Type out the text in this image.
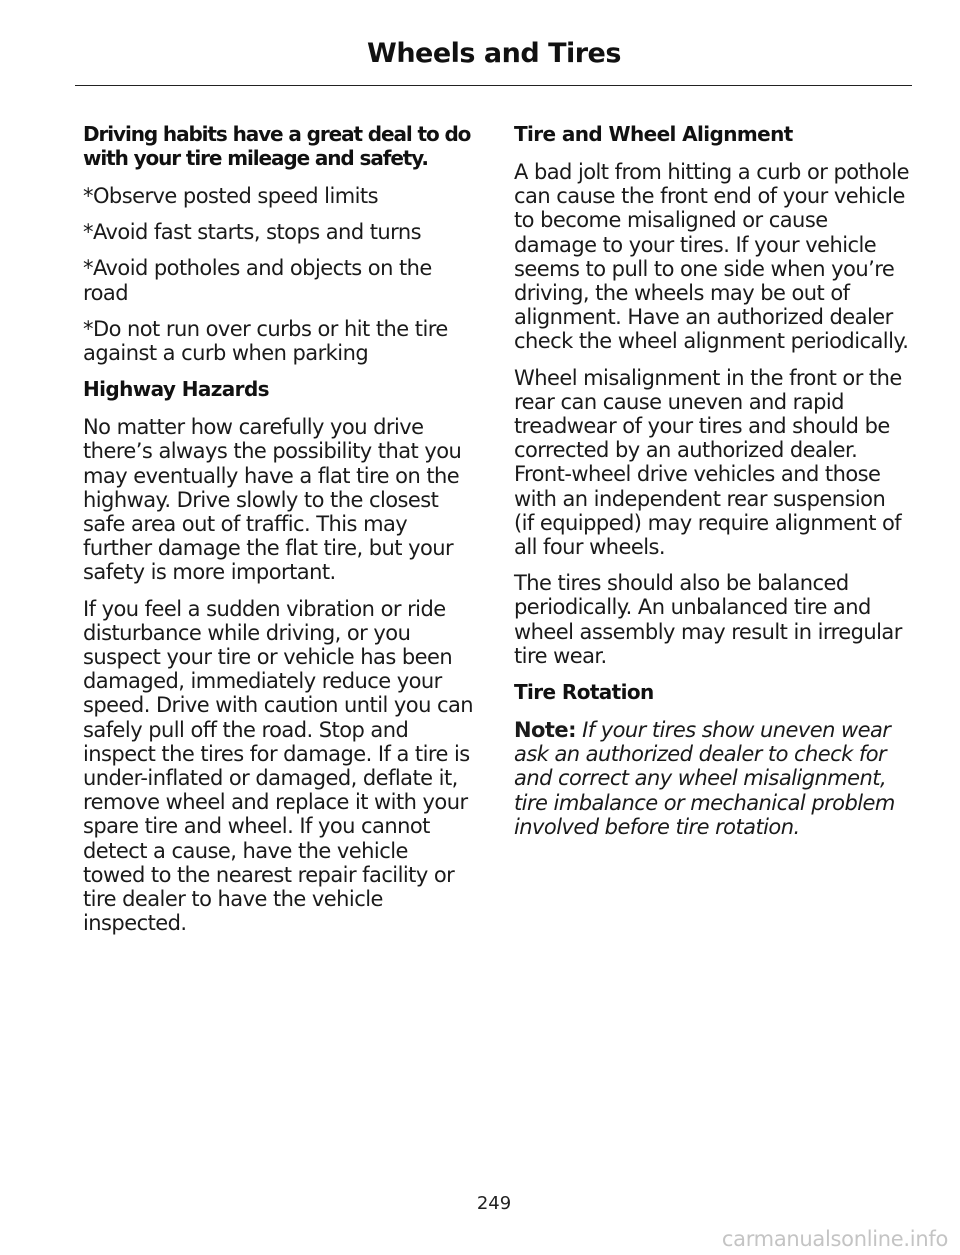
Wheels and Tires
Driving habits have a great deal to do with your tire mileage and safety.

*Observe posted speed limits

*Avoid fast starts, stops and turns

*Avoid potholes and objects on the road

*Do not run over curbs or hit the tire against a curb when parking

Highway Hazards

No matter how carefully you drive there’s always the possibility that you may eventually have a flat tire on the highway. Drive slowly to the closest safe area out of traffic. This may further damage the flat tire, but your safety is more important.

If you feel a sudden vibration or ride disturbance while driving, or you suspect your tire or vehicle has been damaged, immediately reduce your speed. Drive with caution until you can safely pull off the road. Stop and inspect the tires for damage. If a tire is under-inflated or damaged, deflate it, remove wheel and replace it with your spare tire and wheel. If you cannot detect a cause, have the vehicle towed to the nearest repair facility or tire dealer to have the vehicle inspected.

Tire and Wheel Alignment

A bad jolt from hitting a curb or pothole can cause the front end of your vehicle to become misaligned or cause damage to your tires. If your vehicle seems to pull to one side when you’re driving, the wheels may be out of alignment. Have an authorized dealer check the wheel alignment periodically.

Wheel misalignment in the front or the rear can cause uneven and rapid treadwear of your tires and should be corrected by an authorized dealer. Front-wheel drive vehicles and those with an independent rear suspension (if equipped) may require alignment of all four wheels.

The tires should also be balanced periodically. An unbalanced tire and wheel assembly may result in irregular tire wear.

Tire Rotation

Note: If your tires show uneven wear ask an authorized dealer to check for and correct any wheel misalignment, tire imbalance or mechanical problem involved before tire rotation.

249
carmanualsonline.info
